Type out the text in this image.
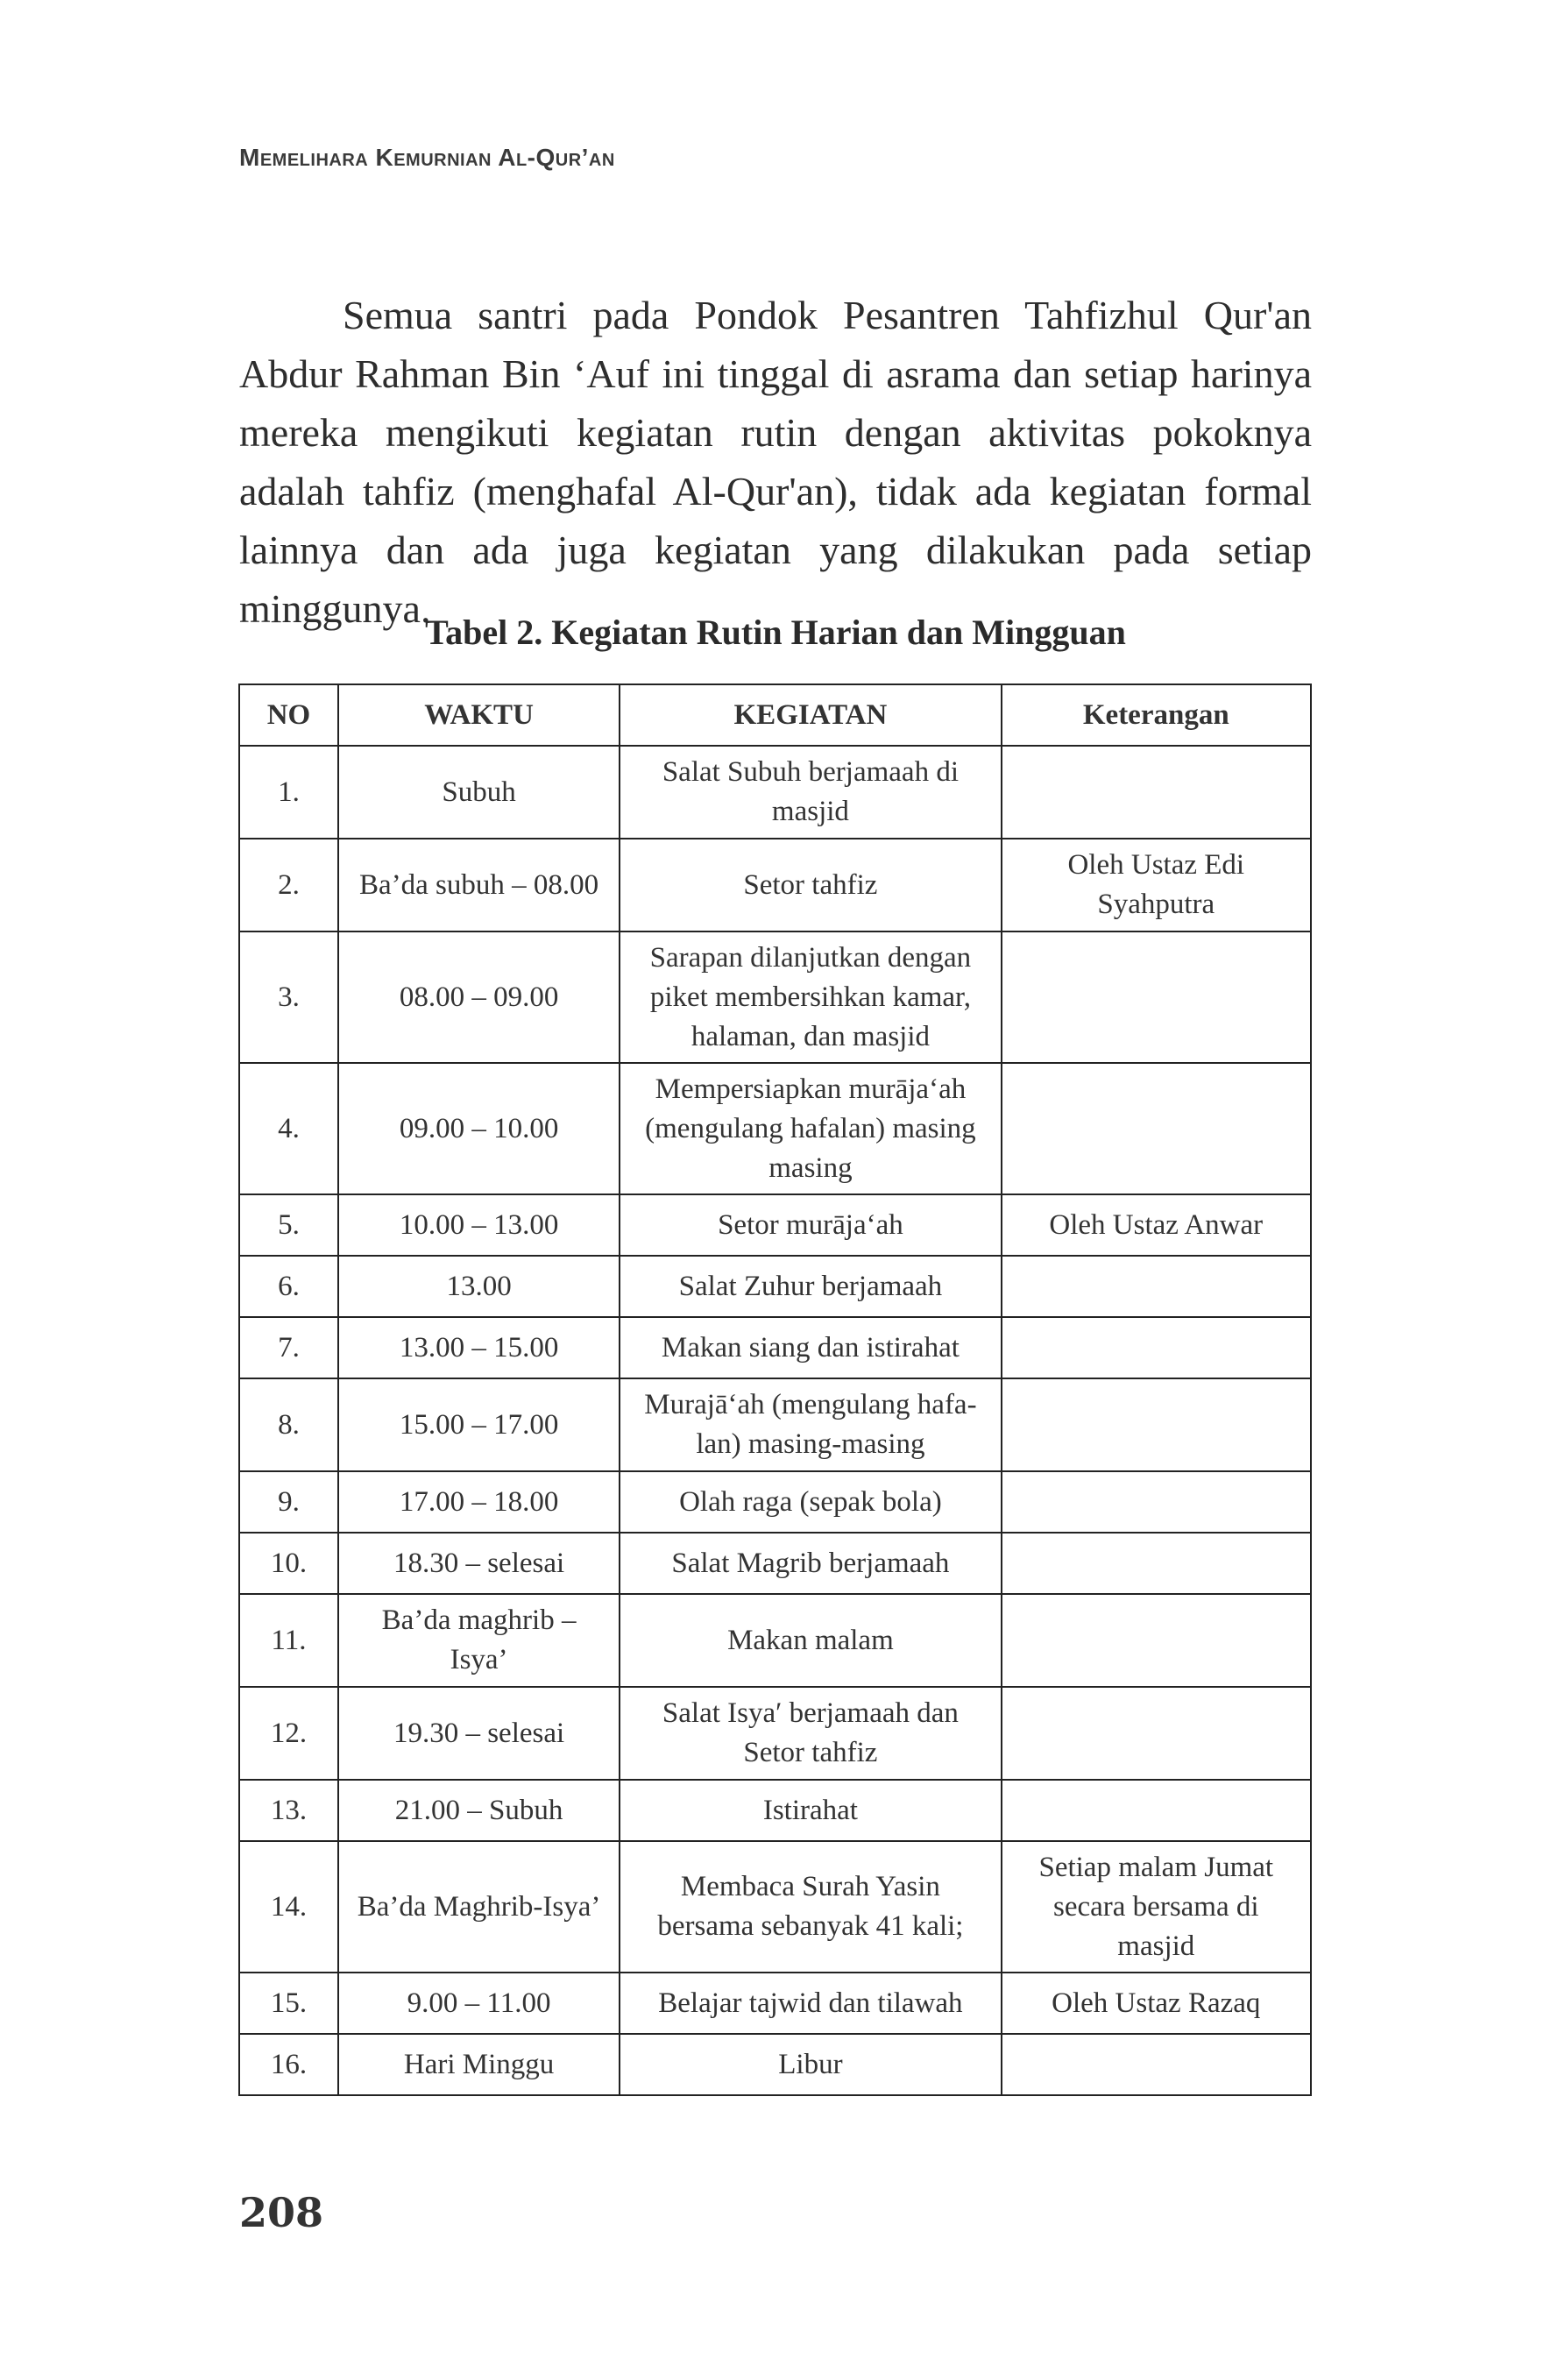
Memelihara Kemurnian Al-Qur’an

Semua santri pada Pondok Pesantren Tahfizhul Qur'an Abdur Rahman Bin ‘Auf ini tinggal di asrama dan setiap harinya mereka mengikuti kegiatan rutin dengan aktivitas pokoknya adalah tahfiz (menghafal Al-Qur'an), tidak ada kegiatan formal lainnya dan ada juga kegiatan yang dilakukan pada setiap minggunya.

Tabel 2. Kegiatan Rutin Harian dan Mingguan
NO	WAKTU	KEGIATAN	Keterangan
1.	Subuh	Salat Subuh berjamaah di masjid	
2.	Ba’da subuh – 08.00	Setor tahfiz	Oleh Ustaz Edi Syahputra
3.	08.00 – 09.00	Sarapan dilanjutkan dengan piket membersihkan kamar, halaman, dan masjid	
4.	09.00 – 10.00	Mempersiapkan murāja‘ah (mengulang hafalan) masing masing	
5.	10.00 – 13.00	Setor murāja‘ah	Oleh Ustaz Anwar
6.	13.00	Salat Zuhur berjamaah	
7.	13.00 – 15.00	Makan siang dan istirahat	
8.	15.00 – 17.00	Murajā‘ah (mengulang hafa-lan) masing-masing	
9.	17.00 – 18.00	Olah raga (sepak bola)	
10.	18.30 – selesai	Salat Magrib berjamaah	
11.	Ba’da maghrib – Isya’	Makan malam	
12.	19.30 – selesai	Salat Isya′ berjamaah dan Setor tahfiz	
13.	21.00 – Subuh	Istirahat	
14.	Ba’da Maghrib-Isya’	Membaca Surah Yasin bersama sebanyak 41 kali;	Setiap malam Jumat secara bersama di masjid
15.	9.00 – 11.00	Belajar tajwid dan tilawah	Oleh Ustaz Razaq
16.	Hari Minggu	Libur	
208
